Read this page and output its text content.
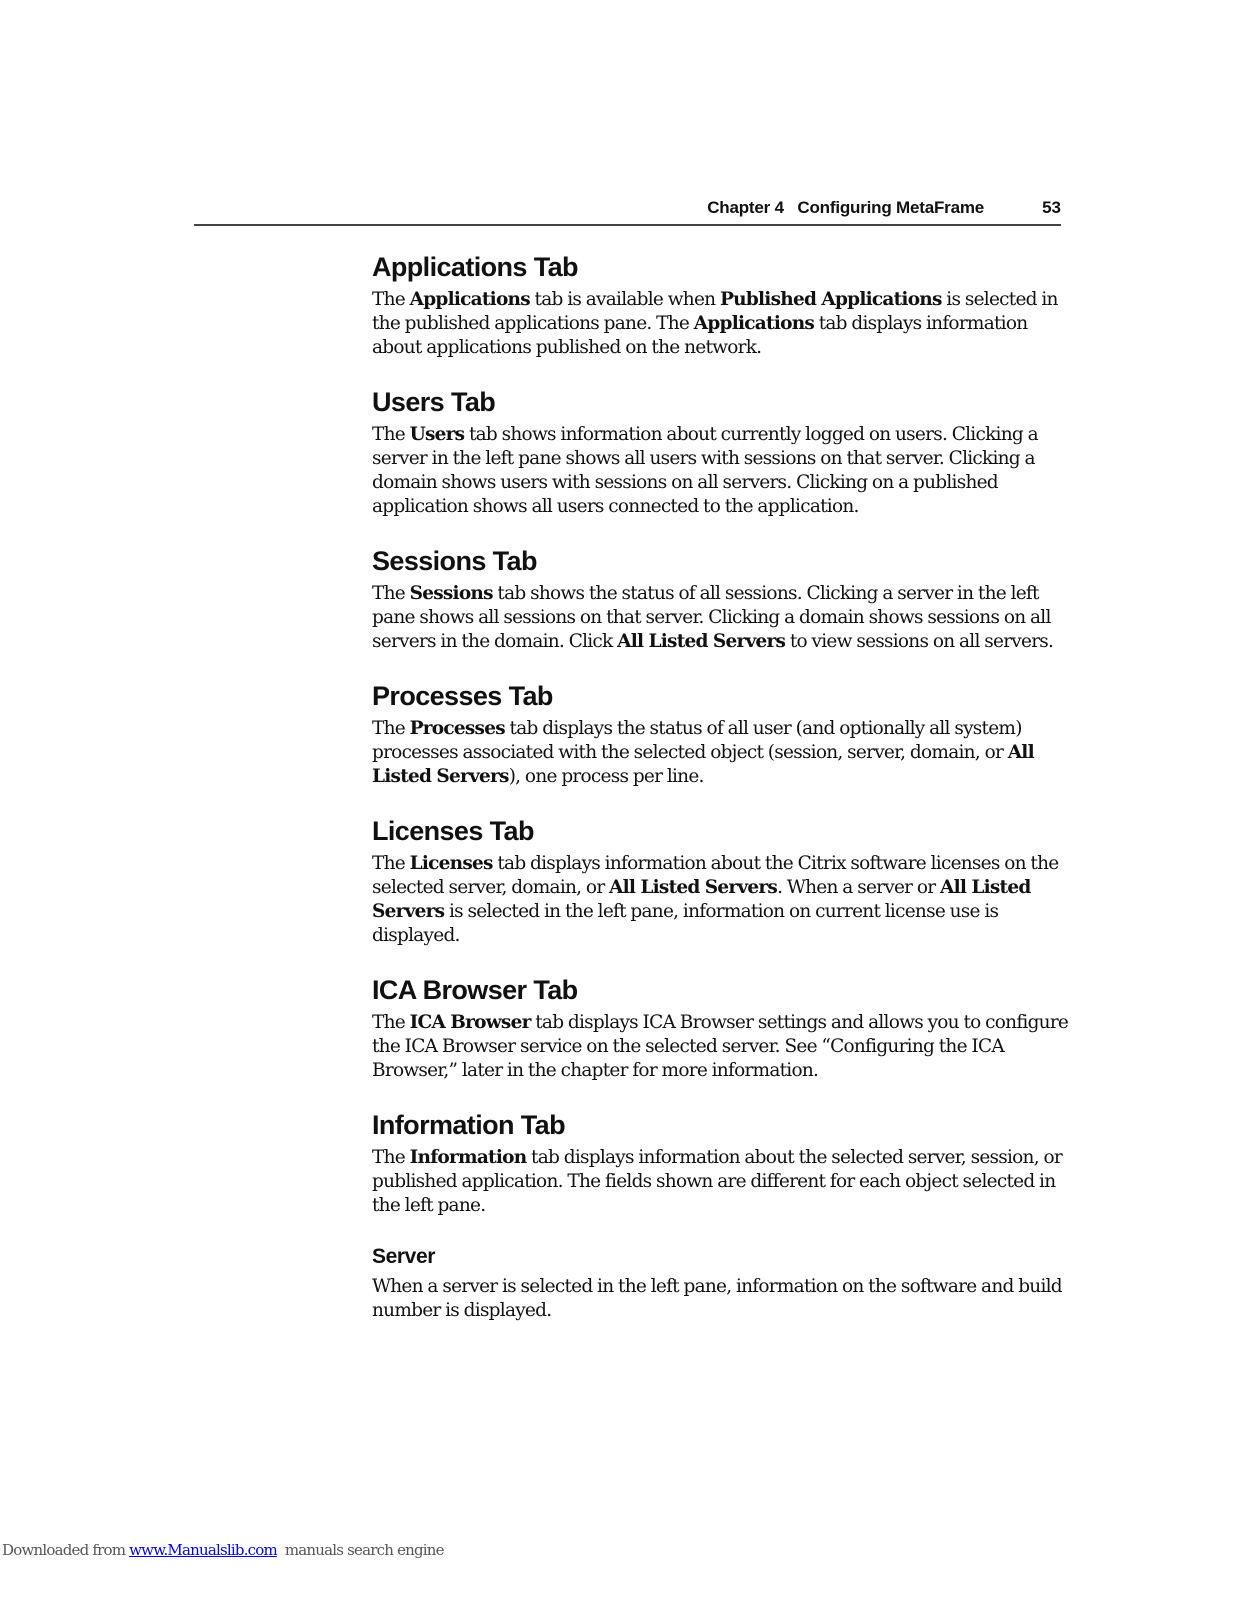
Chapter 4   Configuring MetaFrame	53
Applications Tab

The Applications tab is available when Published Applications is selected in the published applications pane. The Applications tab displays information about applications published on the network.

Users Tab

The Users tab shows information about currently logged on users. Clicking a server in the left pane shows all users with sessions on that server. Clicking a domain shows users with sessions on all servers. Clicking on a published application shows all users connected to the application.

Sessions Tab

The Sessions tab shows the status of all sessions. Clicking a server in the left pane shows all sessions on that server. Clicking a domain shows sessions on all servers in the domain. Click All Listed Servers to view sessions on all servers.

Processes Tab

The Processes tab displays the status of all user (and optionally all system) processes associated with the selected object (session, server, domain, or All Listed Servers), one process per line.

Licenses Tab

The Licenses tab displays information about the Citrix software licenses on the selected server, domain, or All Listed Servers. When a server or All Listed Servers is selected in the left pane, information on current license use is displayed.

ICA Browser Tab

The ICA Browser tab displays ICA Browser settings and allows you to configure the ICA Browser service on the selected server. See “Configuring the ICA Browser,” later in the chapter for more information.

Information Tab

The Information tab displays information about the selected server, session, or published application. The fields shown are different for each object selected in the left pane.

Server

When a server is selected in the left pane, information on the software and build number is displayed.

Downloaded from www.Manualslib.com  manuals search engine
